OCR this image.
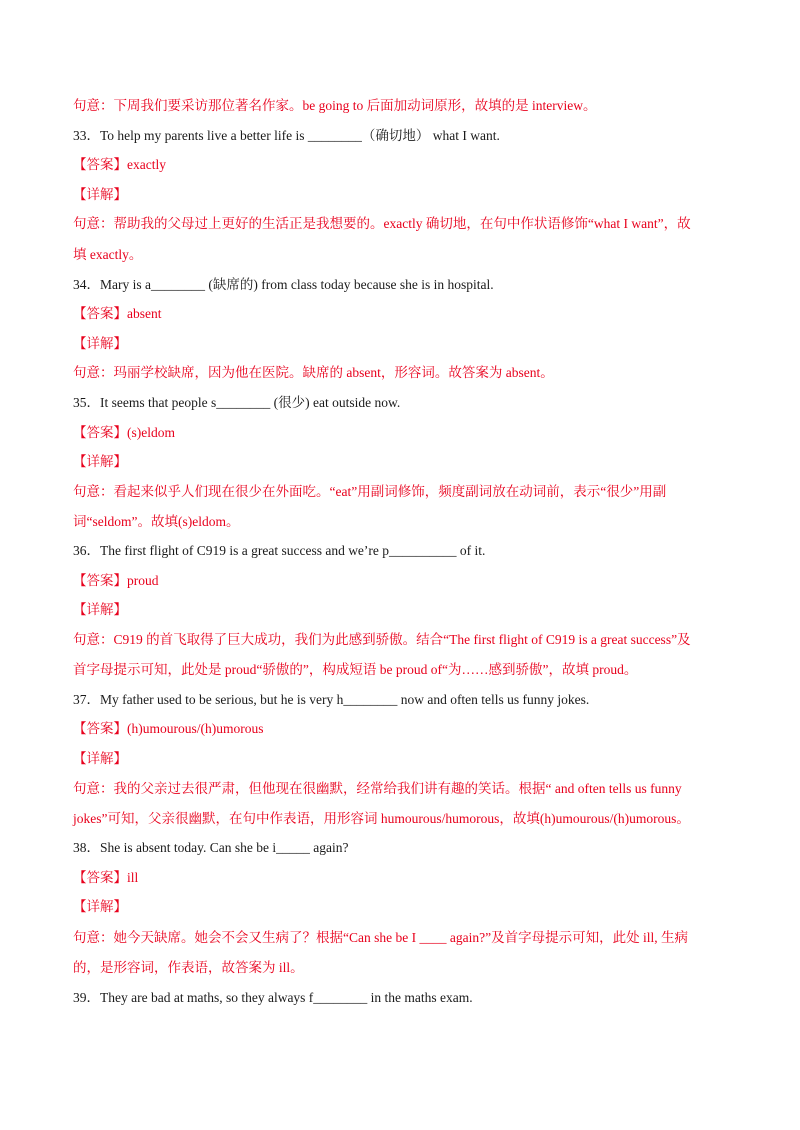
句意：下周我们要采访那位著名作家。be going to 后面加动词原形，故填的是 interview。
33．To help my parents live a better life is ________（确切地） what I want.
【答案】exactly
【详解】
句意：帮助我的父母过上更好的生活正是我想要的。exactly 确切地，在句中作状语修饰“what I want”，故
填 exactly。
34．Mary is a________ (缺席的) from class today because she is in hospital.
【答案】absent
【详解】
句意：玛丽学校缺席，因为他在医院。缺席的 absent，形容词。故答案为 absent。
35．It seems that people s________ (很少) eat outside now.
【答案】(s)eldom
【详解】
句意：看起来似乎人们现在很少在外面吃。“eat”用副词修饰，频度副词放在动词前，表示“很少”用副
词“seldom”。故填(s)eldom。
36．The first flight of C919 is a great success and we’re p__________ of it.
【答案】proud
【详解】
句意：C919 的首飞取得了巨大成功，我们为此感到骄傲。结合“The first flight of C919 is a great success”及
首字母提示可知，此处是 proud“骄傲的”，构成短语 be proud of“为……感到骄傲”，故填 proud。
37．My father used to be serious, but he is very h________ now and often tells us funny jokes.
【答案】(h)umourous/(h)umorous
【详解】
句意：我的父亲过去很严肃，但他现在很幽默，经常给我们讲有趣的笑话。根据“ and often tells us funny
jokes”可知，父亲很幽默，在句中作表语，用形容词 humourous/humorous，故填(h)umourous/(h)umorous。
38．She is absent today. Can she be i_____ again?
【答案】ill
【详解】
句意：她今天缺席。她会不会又生病了？根据“Can she be I ____ again?”及首字母提示可知，此处 ill, 生病
的，是形容词，作表语，故答案为 ill。
39．They are bad at maths, so they always f________ in the maths exam.
